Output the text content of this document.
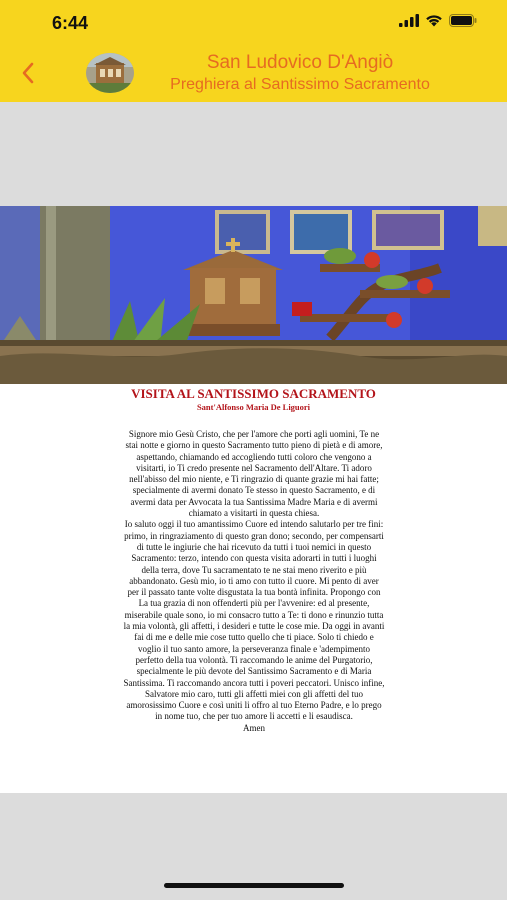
6:44
San Ludovico D'Angiò
Preghiera al Santissimo Sacramento
VISITA AL SANTISSIMO SACRAMENTO
Sant'Alfonso Maria De Liguori

Signore mio Gesù Cristo, che per l'amore che porti agli uomini, Te ne stai notte e giorno in questo Sacramento tutto pieno di pietà e di amore, aspettando, chiamando ed accogliendo tutti coloro che vengono a visitarti, io Ti credo presente nel Sacramento dell'Altare. Ti adoro nell'abisso del mio niente, e Ti ringrazio di quante grazie mi hai fatte; specialmente di avermi donato Te stesso in questo Sacramento, e di avermi data per Avvocata la tua Santissima Madre Maria e di avermi chiamato a visitarti in questa chiesa.

Io saluto oggi il tuo amantissimo Cuore ed intendo salutarlo per tre fini: primo, in ringraziamento di questo gran dono; secondo, per compensarti di tutte le ingiurie che hai ricevuto da tutti i tuoi nemici in questo Sacramento: terzo, intendo con questa visita adorarti in tutti i luoghi della terra, dove Tu sacramentato te ne stai meno riverito e più abbandonato. Gesù mio, io ti amo con tutto il cuore. Mi pento di aver per il passato tante volte disgustata la tua bontà infinita. Propongo con La tua grazia di non offenderti più per l'avvenire: ed al presente, miserabile quale sono, io mi consacro tutto a Te: ti dono e rinunzio tutta la mia volontà, gli affetti, i desideri e tutte le cose mie. Da oggi in avanti fai di me e delle mie cose tutto quello che ti piace. Solo ti chiedo e voglio il tuo santo amore, la perseveranza finale e 'adempimento perfetto della tua volontà. Ti raccomando le anime del Purgatorio, specialmente le più devote del Santissimo Sacramento e di Maria Santissima. Ti raccomando ancora tutti i poveri peccatori. Unisco infine, Salvatore mio caro, tutti gli affetti miei con gli affetti del tuo amorosissimo Cuore e così uniti li offro al tuo Eterno Padre, e lo prego in nome tuo, che per tuo amore li accetti e li esaudisca.

Amen
